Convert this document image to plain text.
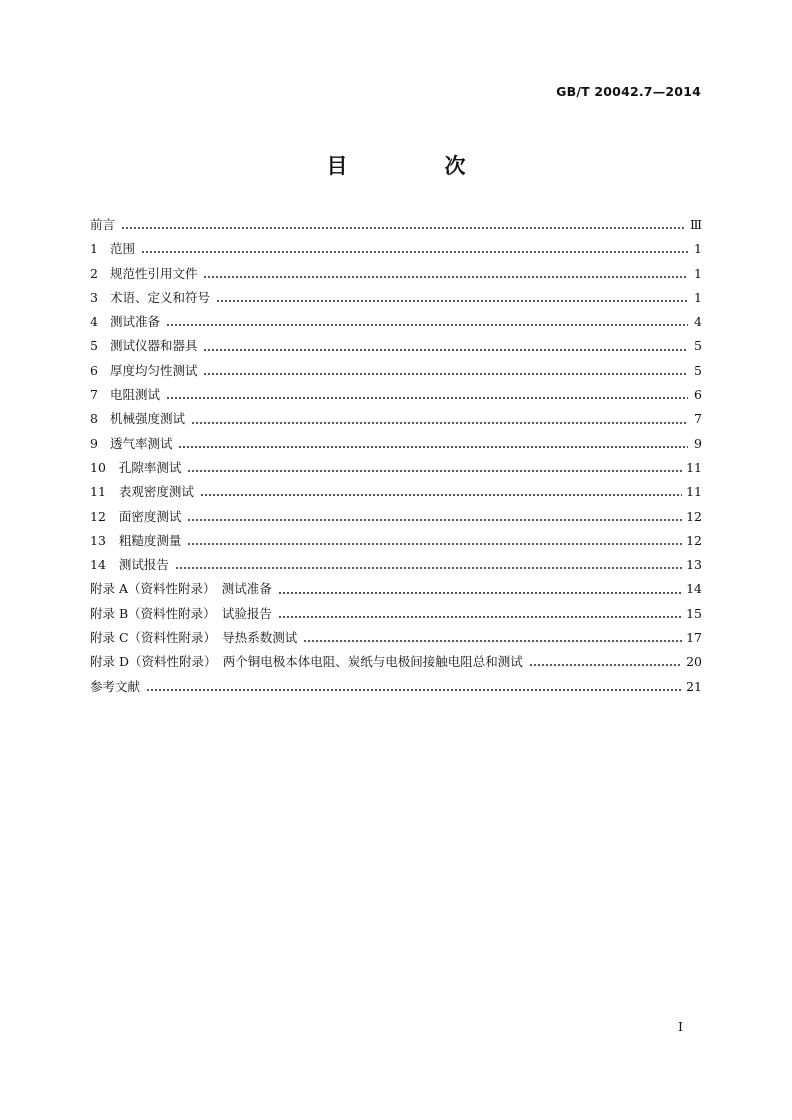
GB/T 20042.7—2014
目　次
前言	Ⅲ
1 范围	1
2 规范性引用文件	1
3 术语、定义和符号	1
4 测试准备	4
5 测试仪器和器具	5
6 厚度均匀性测试	5
7 电阻测试	6
8 机械强度测试	7
9 透气率测试	9
10 孔隙率测试	11
11 表观密度测试	11
12 面密度测试	12
13 粗糙度测量	12
14 测试报告	13
附录 A（资料性附录）　测试准备	14
附录 B（资料性附录）　试验报告	15
附录 C（资料性附录）　导热系数测试	17
附录 D（资料性附录）　两个铜电极本体电阻、炭纸与电极间接触电阻总和测试	20
参考文献	21
I
